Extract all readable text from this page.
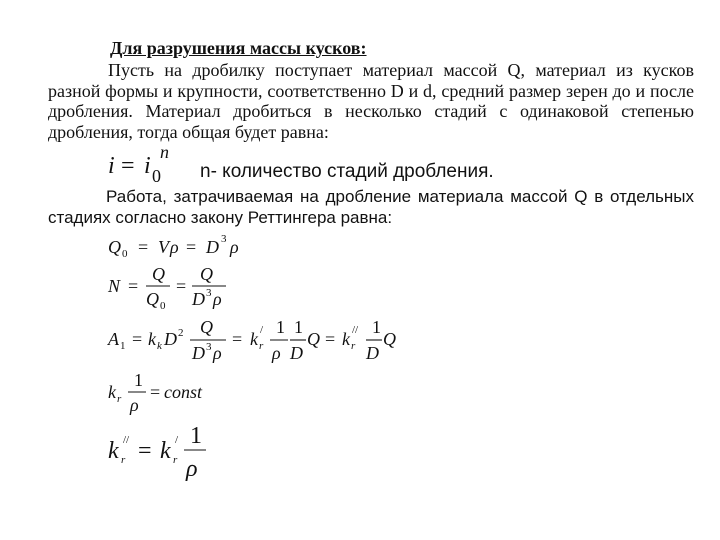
Для разрушения массы кусков:
Пусть на дробилку поступает материал массой Q, материал из кусков разной формы и крупности, соответственно D и d, средний размер зерен до и после дробления. Материал дробиться в несколько стадий с одинаковой степенью дробления, тогда общая будет равна:
n- количество стадий дробления.
Работа, затрачиваемая на дробление материала массой Q в отдельных стадиях согласно закону Реттингера равна:
i = i 0
n
Q 0 = V ρ = D 3 ρ
N =
Q
Q 0
=
Q
D 3 ρ
A 1 = k k D 2 Q
D 3 ρ
= k r
/ 1
ρ
1
D
Q = k r
// 1
D
Q
k r
1
ρ
= const
k r
// = k r
/ 1
ρ
